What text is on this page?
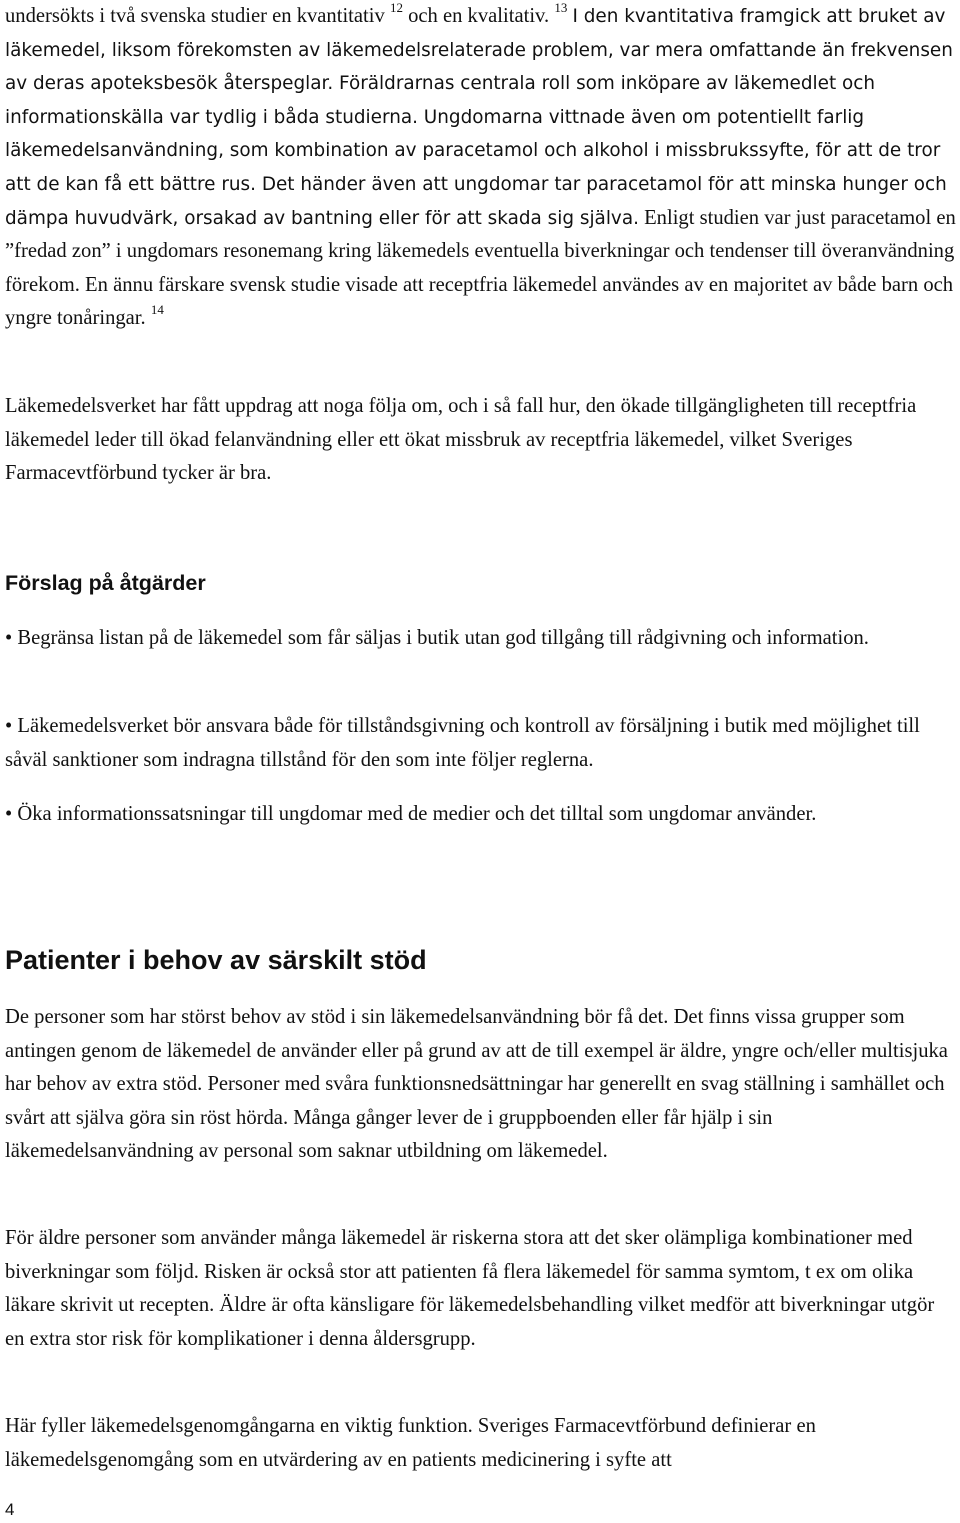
undersökts i två svenska studier en kvantitativ $^{12}$ och en kvalitativ. $^{13}$ I den kvantitativa framgick att bruket av läkemedel, liksom förekomsten av läkemedelsrelaterade problem, var mera omfattande än frekvensen av deras apoteksbesök återspeglar. Föräldrarnas centrala roll som inköpare av läkemedlet och informationskälla var tydlig i båda studierna. Ungdomarna vittnade även om potentiellt farlig läkemedelsanvändning, som kombination av paracetamol och alkohol i missbrukssyfte, för att de tror att de kan få ett bättre rus. Det händer även att ungdomar tar paracetamol för att minska hunger och dämpa huvudvärk, orsakad av bantning eller för att skada sig själva. Enligt studien var just paracetamol en ”fredad zon” i ungdomars resonemang kring läkemedels eventuella biverkningar och tendenser till överanvändning förekom. En ännu färskare svensk studie visade att receptfria läkemedel användes av en majoritet av både barn och yngre tonåringar. $^{14}$

Läkemedelsverket har fått uppdrag att noga följa om, och i så fall hur, den ökade tillgängligheten till receptfria läkemedel leder till ökad felanvändning eller ett ökat missbruk av receptfria läkemedel, vilket Sveriges Farmacevtförbund tycker är bra.

Förslag på åtgärder

• Begränsa listan på de läkemedel som får säljas i butik utan god tillgång till rådgivning och information.

• Läkemedelsverket bör ansvara både för tillståndsgivning och kontroll av försäljning i butik med möjlighet till såväl sanktioner som indragna tillstånd för den som inte följer reglerna.

• Öka informationssatsningar till ungdomar med de medier och det tilltal som ungdomar använder.

Patienter i behov av särskilt stöd

De personer som har störst behov av stöd i sin läkemedelsanvändning bör få det. Det finns vissa grupper som antingen genom de läkemedel de använder eller på grund av att de till exempel är äldre, yngre och/eller multisjuka har behov av extra stöd. Personer med svåra funktionsnedsättningar har generellt en svag ställning i samhället och svårt att själva göra sin röst hörda. Många gånger lever de i gruppboenden eller får hjälp i sin läkemedelsanvändning av personal som saknar utbildning om läkemedel.

För äldre personer som använder många läkemedel är riskerna stora att det sker olämpliga kombinationer med biverkningar som följd. Risken är också stor att patienten få flera läkemedel för samma symtom, t ex om olika läkare skrivit ut recepten. Äldre är ofta känsligare för läkemedelsbehandling vilket medför att biverkningar utgör en extra stor risk för komplikationer i denna åldersgrupp.

Här fyller läkemedelsgenomgångarna en viktig funktion. Sveriges Farmacevtförbund definierar en läkemedelsgenomgång som en utvärdering av en patients medicinering i syfte att

4
